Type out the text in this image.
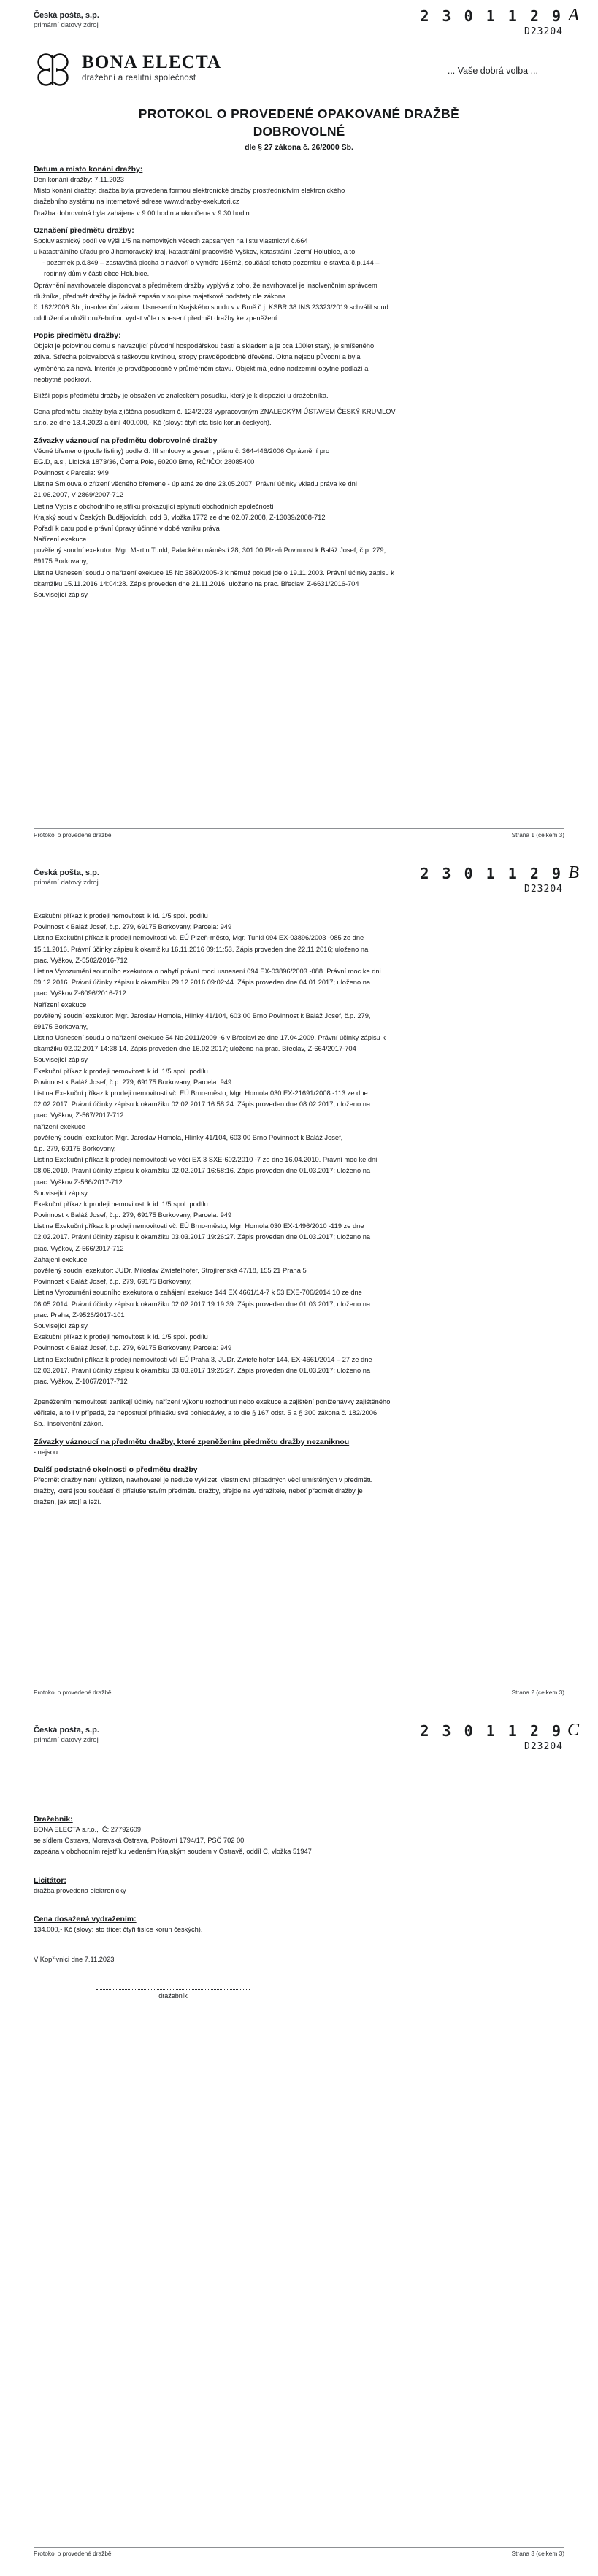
Česká pošta, s.p.
primární datový zdroj
2 3 0 1 1 2 9
D23204
A
BONA ELECTA
dražební a realitní společnost
... Vaše dobrá volba ...
PROTOKOL O PROVEDENÉ OPAKOVANÉ DRAŽBĚ
DOBROVOLNÉ
dle § 27 zákona č. 26/2000 Sb.
Datum a místo konání dražby:

Den konání dražby: 7.11.2023

Místo konání dražby: dražba byla provedena formou elektronické dražby prostřednictvím elektronického

dražebního systému na internetové adrese www.drazby-exekutori.cz

Dražba dobrovolná byla zahájena v 9:00 hodin a ukončena v 9:30 hodin

Označení předmětu dražby:

Spoluvlastnický podíl ve výši 1/5 na nemovitých věcech zapsaných na listu vlastnictví č.664

u katastrálního úřadu pro Jihomoravský kraj, katastrální pracoviště Vyškov, katastrální území Holubice, a to:

- pozemek p.č.849 – zastavěná plocha a nádvoří o výměře 155m2, součástí tohoto pozemku je stavba č.p.144 –

rodinný dům v části obce Holubice.

Oprávnění navrhovatele disponovat s předmětem dražby vyplývá z toho, že navrhovatel je insolvenčním správcem

dlužníka, předmět dražby je řádně zapsán v soupise majetkové podstaty dle zákona

č. 182/2006 Sb., insolvenční zákon. Usnesením Krajského soudu v v Brně č.j. KSBR 38 INS 23323/2019 schválil soud

oddlužení a uložil družebnímu vydat vůle usnesení předmět dražby ke zpeněžení.

Popis předmětu dražby:

Objekt je polovinou domu s navazující původní hospodářskou částí a skladem a je cca 100let starý, je smíšeného

zdiva. Střecha polovalbová s taškovou krytinou, stropy pravděpodobně dřevěné. Okna nejsou původní a byla

vyměněna za nová. Interiér je pravděpodobně v průměrném stavu. Objekt má jedno nadzemní obytné podlaží a

neobytné podkroví.

Bližší popis předmětu dražby je obsažen ve znaleckém posudku, který je k dispozici u dražebníka.

Cena předmětu dražby byla zjištěna posudkem č. 124/2023 vypracovaným ZNALECKÝM ÚSTAVEM ČESKÝ KRUMLOV

s.r.o. ze dne 13.4.2023 a činí 400.000,- Kč (slovy: čtyři sta tisíc korun českých).

Závazky váznoucí na předmětu dobrovolné dražby

Věcné břemeno (podle listiny) podle čl. III smlouvy a gesem, plánu č. 364-446/2006 Oprávnění pro

EG.D, a.s., Lidická 1873/36, Černá Pole, 60200 Brno, RČ/IČO: 28085400

Povinnost k Parcela: 949

Listina Smlouva o zřízení věcného břemene - úplatná ze dne 23.05.2007. Právní účinky vkladu práva ke dni

21.06.2007, V-2869/2007-712

Listina Výpis z obchodního rejstříku prokazující splynutí obchodních společností

Krajský soud v Českých Budějovicích, odd B, vložka 1772 ze dne 02.07.2008, Z-13039/2008-712

Pořadí k datu podle právní úpravy účinné v době vzniku práva

Nařízení exekuce

pověřený soudní exekutor: Mgr. Martin Tunkl, Palackého náměstí 28, 301 00 Plzeň Povinnost k Baláž Josef, č.p. 279,

69175 Borkovany,

Listina Usnesení soudu o nařízení exekuce 15 Nc 3890/2005-3 k němuž pokud jde o 19.11.2003. Právní účinky zápisu k

okamžiku 15.11.2016 14:04:28. Zápis proveden dne 21.11.2016; uloženo na prac. Břeclav, Z-6631/2016-704

Související zápisy

Protokol o provedené dražbě	Strana 1 (celkem 3)
Česká pošta, s.p.
primární datový zdroj
2 3 0 1 1 2 9
D23204
B

Exekuční příkaz k prodeji nemovitosti k id. 1/5 spol. podílu

Povinnost k Baláž Josef, č.p. 279, 69175 Borkovany, Parcela: 949

Listina Exekuční příkaz k prodeji nemovitosti vč. EÚ Plzeň-město, Mgr. Tunkl 094 EX-03896/2003 -085 ze dne

15.11.2016. Právní účinky zápisu k okamžiku 16.11.2016 09:11:53. Zápis proveden dne 22.11.2016; uloženo na

prac. Vyškov, Z-5502/2016-712

Listina Vyrozumění soudního exekutora o nabytí právní moci usnesení 094 EX-03896/2003 -088. Právní moc ke dni

09.12.2016. Právní účinky zápisu k okamžiku 29.12.2016 09:02:44. Zápis proveden dne 04.01.2017; uloženo na

prac. Vyškov Z-6096/2016-712

Nařízení exekuce

pověřený soudní exekutor: Mgr. Jaroslav Homola, Hlinky 41/104, 603 00 Brno Povinnost k Baláž Josef, č.p. 279,

69175 Borkovany,

Listina Usnesení soudu o nařízení exekuce 54 Nc-2011/2009 -6 v Břeclavi ze dne 17.04.2009. Právní účinky zápisu k

okamžiku 02.02.2017 14:38:14. Zápis proveden dne 16.02.2017; uloženo na prac. Břeclav, Z-664/2017-704

Související zápisy

Exekuční příkaz k prodeji nemovitosti k id. 1/5 spol. podílu

Povinnost k Baláž Josef, č.p. 279, 69175 Borkovany, Parcela: 949

Listina Exekuční příkaz k prodeji nemovitosti vč. EÚ Brno-město, Mgr. Homola 030 EX-21691/2008 -113 ze dne

02.02.2017. Právní účinky zápisu k okamžiku 02.02.2017 16:58:24. Zápis proveden dne 08.02.2017; uloženo na

prac. Vyškov, Z-567/2017-712

nařízení exekuce

pověřený soudní exekutor: Mgr. Jaroslav Homola, Hlinky 41/104, 603 00 Brno Povinnost k Baláž Josef,

č.p. 279, 69175 Borkovany,

Listina Exekuční příkaz k prodeji nemovitosti ve věci EX 3 SXE-602/2010 -7 ze dne 16.04.2010. Právní moc ke dni

08.06.2010. Právní účinky zápisu k okamžiku 02.02.2017 16:58:16. Zápis proveden dne 01.03.2017; uloženo na

prac. Vyškov Z-566/2017-712

Související zápisy

Exekuční příkaz k prodeji nemovitosti k id. 1/5 spol. podílu

Povinnost k Baláž Josef, č.p. 279, 69175 Borkovany, Parcela: 949

Listina Exekuční příkaz k prodeji nemovitosti vč. EÚ Brno-město, Mgr. Homola 030 EX-1496/2010 -119 ze dne

02.02.2017. Právní účinky zápisu k okamžiku 03.03.2017 19:26:27. Zápis proveden dne 01.03.2017; uloženo na

prac. Vyškov, Z-566/2017-712

Zahájení exekuce

pověřený soudní exekutor: JUDr. Miloslav Zwiefelhofer, Strojírenská 47/18, 155 21 Praha 5

Povinnost k Baláž Josef, č.p. 279, 69175 Borkovany,

Listina Vyrozumění soudního exekutora o zahájení exekuce 144 EX 4661/14-7 k 53 EXE-706/2014 10 ze dne

06.05.2014. Právní účinky zápisu k okamžiku 02.02.2017 19:19:39. Zápis proveden dne 01.03.2017; uloženo na

prac. Praha, Z-9526/2017-101

Související zápisy

Exekuční příkaz k prodeji nemovitosti k id. 1/5 spol. podílu

Povinnost k Baláž Josef, č.p. 279, 69175 Borkovany, Parcela: 949

Listina Exekuční příkaz k prodeji nemovitosti včí EÚ Praha 3, JUDr. Zwiefelhofer 144, EX-4661/2014 – 27 ze dne

02.03.2017. Právní účinky zápisu k okamžiku 03.03.2017 19:26:27. Zápis proveden dne 01.03.2017; uloženo na

prac. Vyškov, Z-1067/2017-712

Zpeněžením nemovitosti zanikají účinky nařízení výkonu rozhodnutí nebo exekuce a zajištění poníženávky zajištěného

věřitele, a to i v případě, že nepostupí přihlášku své pohledávky, a to dle § 167 odst. 5 a § 300 zákona č. 182/2006

Sb., insolvenční zákon.

Závazky váznoucí na předmětu dražby, které zpeněžením předmětu dražby nezaniknou

- nejsou

Další podstatné okolnosti o předmětu dražby

Předmět dražby není vyklizen, navrhovatel je neduže vyklizet, vlastnictví případných věcí umístěných v předmětu

dražby, které jsou součástí či příslušenstvím předmětu dražby, přejde na vydražitele, neboť předmět dražby je

dražen, jak stojí a leží.

Protokol o provedené dražbě	Strana 2 (celkem 3)
Česká pošta, s.p.
primární datový zdroj
2 3 0 1 1 2 9
D23204
C
Dražebník:

BONA ELECTA s.r.o., IČ: 27792609,

se sídlem Ostrava, Moravská Ostrava, Poštovní 1794/17, PSČ 702 00

zapsána v obchodním rejstříku vedeném Krajským soudem v Ostravě, oddíl C, vložka 51947

Licitátor:

dražba provedena elektronicky

Cena dosažená vydražením:

134.000,- Kč (slovy: sto třicet čtyři tisíce korun českých).

V Kopřivnici dne 7.11.2023

dražebník
Protokol o provedené dražbě	Strana 3 (celkem 3)
